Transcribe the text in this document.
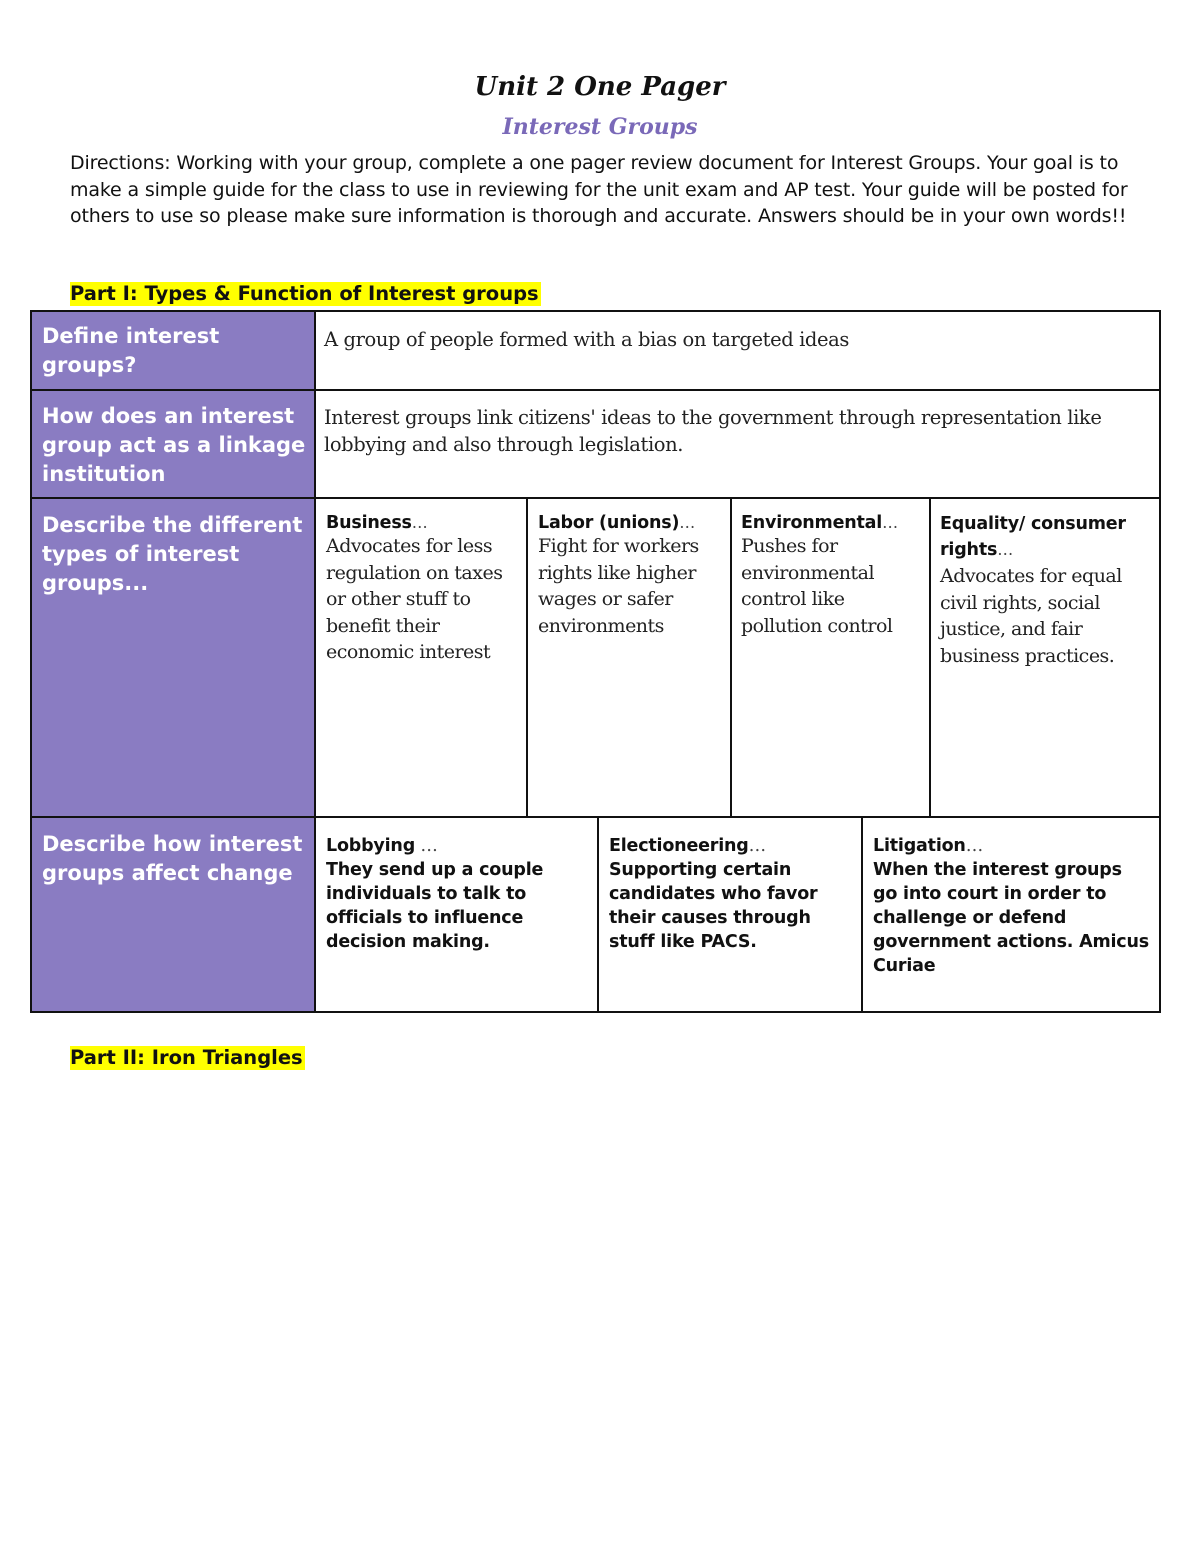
Unit 2 One Pager
Interest Groups
Directions: Working with your group, complete a one pager review document for Interest Groups. Your goal is to make a simple guide for the class to use in reviewing for the unit exam and AP test. Your guide will be posted for others to use so please make sure information is thorough and accurate. Answers should be in your own words!!
Part I: Types & Function of Interest groups
Define interest groups?
A group of people formed with a bias on targeted ideas
How does an interest group act as a linkage institution
Interest groups link citizens' ideas to the government through representation like lobbying and also through legislation.
Describe the different types of interest groups...
Business…
Advocates for less regulation on taxes or other stuff to benefit their economic interest
Labor (unions)…
Fight for workers rights like higher wages or safer environments
Environmental…
Pushes for environmental control like pollution control
Equality/ consumer rights…
Advocates for equal civil rights, social justice, and fair business practices.
Describe how interest groups affect change
Lobbying …
They send up a couple individuals to talk to officials to influence decision making.
Electioneering…
Supporting certain candidates who favor their causes through stuff like PACS.
Litigation…
When the interest groups go into court in order to challenge or defend government actions. Amicus Curiae
Part II: Iron Triangles
